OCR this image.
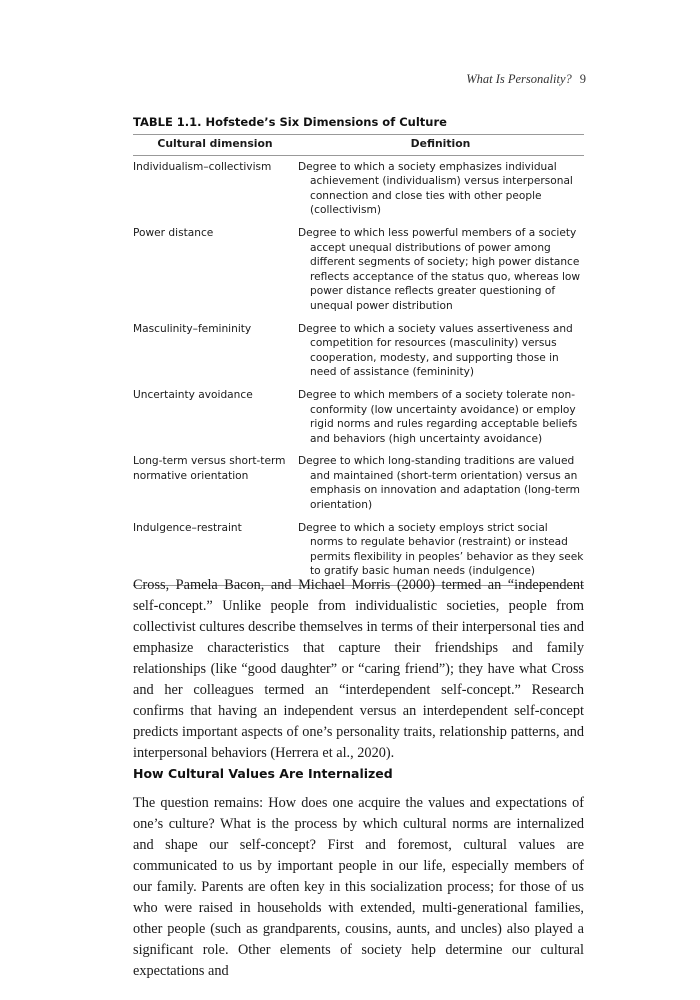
What Is Personality? 9
TABLE 1.1. Hofstede’s Six Dimensions of Culture
Cultural dimension	Definition
Individualism–collectivism	Degree to which a society emphasizes individual achievement (individualism) versus interpersonal connection and close ties with other people (collectivism)

Power distance	Degree to which less powerful members of a society accept unequal distributions of power among different segments of society; high power distance reflects acceptance of the status quo, whereas low power distance reflects greater questioning of unequal power distribution

Masculinity–femininity	Degree to which a society values assertiveness and competition for resources (masculinity) versus cooperation, modesty, and supporting those in need of assistance (femininity)

Uncertainty avoidance	Degree to which members of a society tolerate non-conformity (low uncertainty avoidance) or employ rigid norms and rules regarding acceptable beliefs and behaviors (high uncertainty avoidance)

Long-term versus short-term normative orientation	Degree to which long-standing traditions are valued and maintained (short-term orientation) versus an emphasis on innovation and adaptation (long-term orientation)

Indulgence–restraint	Degree to which a society employs strict social norms to regulate behavior (restraint) or instead permits flexibility in peoples’ behavior as they seek to gratify basic human needs (indulgence)

Cross, Pamela Bacon, and Michael Morris (2000) termed an “independent self-concept.” Unlike people from individualistic societies, people from collectivist cultures describe themselves in terms of their interpersonal ties and emphasize characteristics that capture their friendships and family relationships (like “good daughter” or “caring friend”); they have what Cross and her colleagues termed an “interdependent self-concept.” Research confirms that having an independent versus an interdependent self-concept predicts important aspects of one’s personality traits, relationship patterns, and interpersonal behaviors (Herrera et al., 2020).

How Cultural Values Are Internalized

The question remains: How does one acquire the values and expectations of one’s culture? What is the process by which cultural norms are internalized and shape our self-concept? First and foremost, cultural values are communicated to us by important people in our life, especially members of our family. Parents are often key in this socialization process; for those of us who were raised in households with extended, multi-generational families, other people (such as grandparents, cousins, aunts, and uncles) also played a significant role. Other elements of society help determine our cultural expectations and
